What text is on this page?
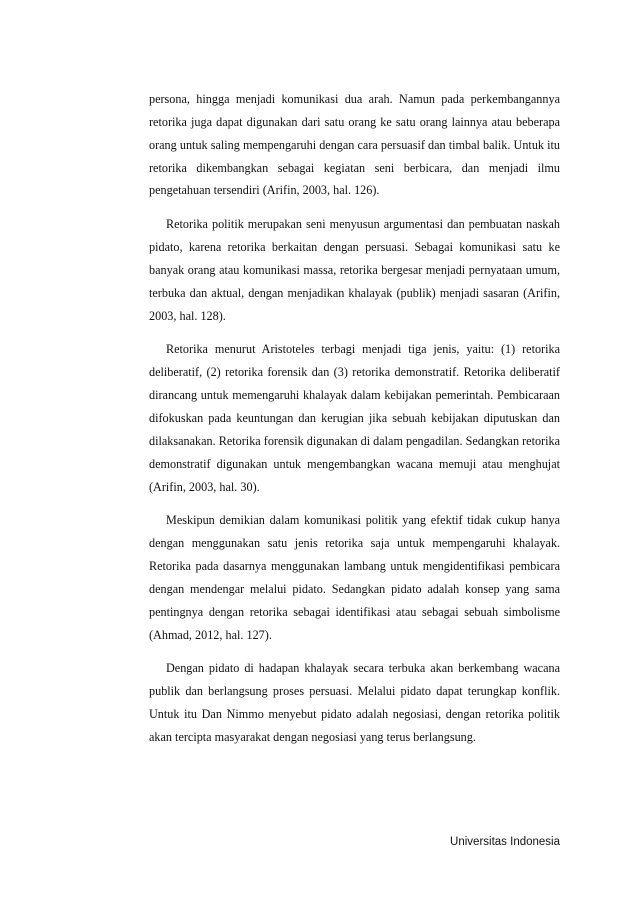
persona, hingga menjadi komunikasi dua arah. Namun pada perkembangannya retorika juga dapat digunakan dari satu orang ke satu orang lainnya atau beberapa orang untuk saling mempengaruhi dengan cara persuasif dan timbal balik. Untuk itu retorika dikembangkan sebagai kegiatan seni berbicara, dan menjadi ilmu pengetahuan tersendiri (Arifin, 2003, hal. 126).

Retorika politik merupakan seni menyusun argumentasi dan pembuatan naskah pidato, karena retorika berkaitan dengan persuasi. Sebagai komunikasi satu ke banyak orang atau komunikasi massa, retorika bergesar menjadi pernyataan umum, terbuka dan aktual, dengan menjadikan khalayak (publik) menjadi sasaran (Arifin, 2003, hal. 128).

Retorika menurut Aristoteles terbagi menjadi tiga jenis, yaitu: (1) retorika deliberatif, (2) retorika forensik dan (3) retorika demonstratif. Retorika deliberatif dirancang untuk memengaruhi khalayak dalam kebijakan pemerintah. Pembicaraan difokuskan pada keuntungan dan kerugian jika sebuah kebijakan diputuskan dan dilaksanakan. Retorika forensik digunakan di dalam pengadilan. Sedangkan retorika demonstratif digunakan untuk mengembangkan wacana memuji atau menghujat (Arifin, 2003, hal. 30).

Meskipun demikian dalam komunikasi politik yang efektif tidak cukup hanya dengan menggunakan satu jenis retorika saja untuk mempengaruhi khalayak. Retorika pada dasarnya menggunakan lambang untuk mengidentifikasi pembicara dengan mendengar melalui pidato. Sedangkan pidato adalah konsep yang sama pentingnya dengan retorika sebagai identifikasi atau sebagai sebuah simbolisme (Ahmad, 2012, hal. 127).

Dengan pidato di hadapan khalayak secara terbuka akan berkembang wacana publik dan berlangsung proses persuasi. Melalui pidato dapat terungkap konflik. Untuk itu Dan Nimmo menyebut pidato adalah negosiasi, dengan retorika politik akan tercipta masyarakat dengan negosiasi yang terus berlangsung.

Universitas Indonesia
